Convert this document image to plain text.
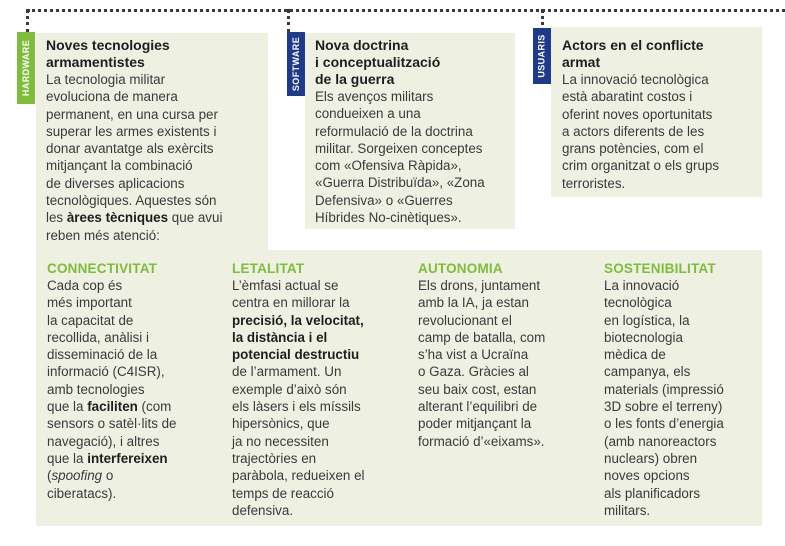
HARDWARE	SOFTWARE	USUARIS
Noves tecnologies
armamentistes
La tecnologia militar
evoluciona de manera
permanent, en una cursa per
superar les armes existents i
donar avantatge als exèrcits
mitjançant la combinació
de diverses aplicacions
tecnològiques. Aquestes són
les àrees tècniques que avui
reben més atenció:
Nova doctrina
i conceptualització
de la guerra
Els avenços militars
condueixen a una
reformulació de la doctrina
militar. Sorgeixen conceptes
com «Ofensiva Ràpida»,
«Guerra Distribuïda», «Zona
Defensiva» o «Guerres
Híbrides No-cinètiques».
Actors en el conflicte
armat
La innovació tecnològica
està abaratint costos i
oferint noves oportunitats
a actors diferents de les
grans potències, com el
crim organitzat o els grups
terroristes.
CONNECTIVITAT
Cada cop és
més important
la capacitat de
recollida, anàlisi i
disseminació de la
informació (C4ISR),
amb tecnologies
que la faciliten (com
sensors o satèl·lits de
navegació), i altres
que la interfereixen
(spoofing o
ciberatacs).
LETALITAT
L’èmfasi actual se
centra en millorar la
precisió, la velocitat,
la distància i el
potencial destructiu
de l’armament. Un
exemple d’això són
els làsers i els míssils
hipersònics, que
ja no necessiten
trajectòries en
paràbola, redueixen el
temps de reacció
defensiva.
AUTONOMIA
Els drons, juntament
amb la IA, ja estan
revolucionant el
camp de batalla, com
s’ha vist a Ucraïna
o Gaza. Gràcies al
seu baix cost, estan
alterant l’equilibri de
poder mitjançant la
formació d’«eixams».
SOSTENIBILITAT
La innovació
tecnològica
en logística, la
biotecnologia
mèdica de
campanya, els
materials (impressió
3D sobre el terreny)
o les fonts d’energia
(amb nanoreactors
nuclears) obren
noves opcions
als planificadors
militars.
